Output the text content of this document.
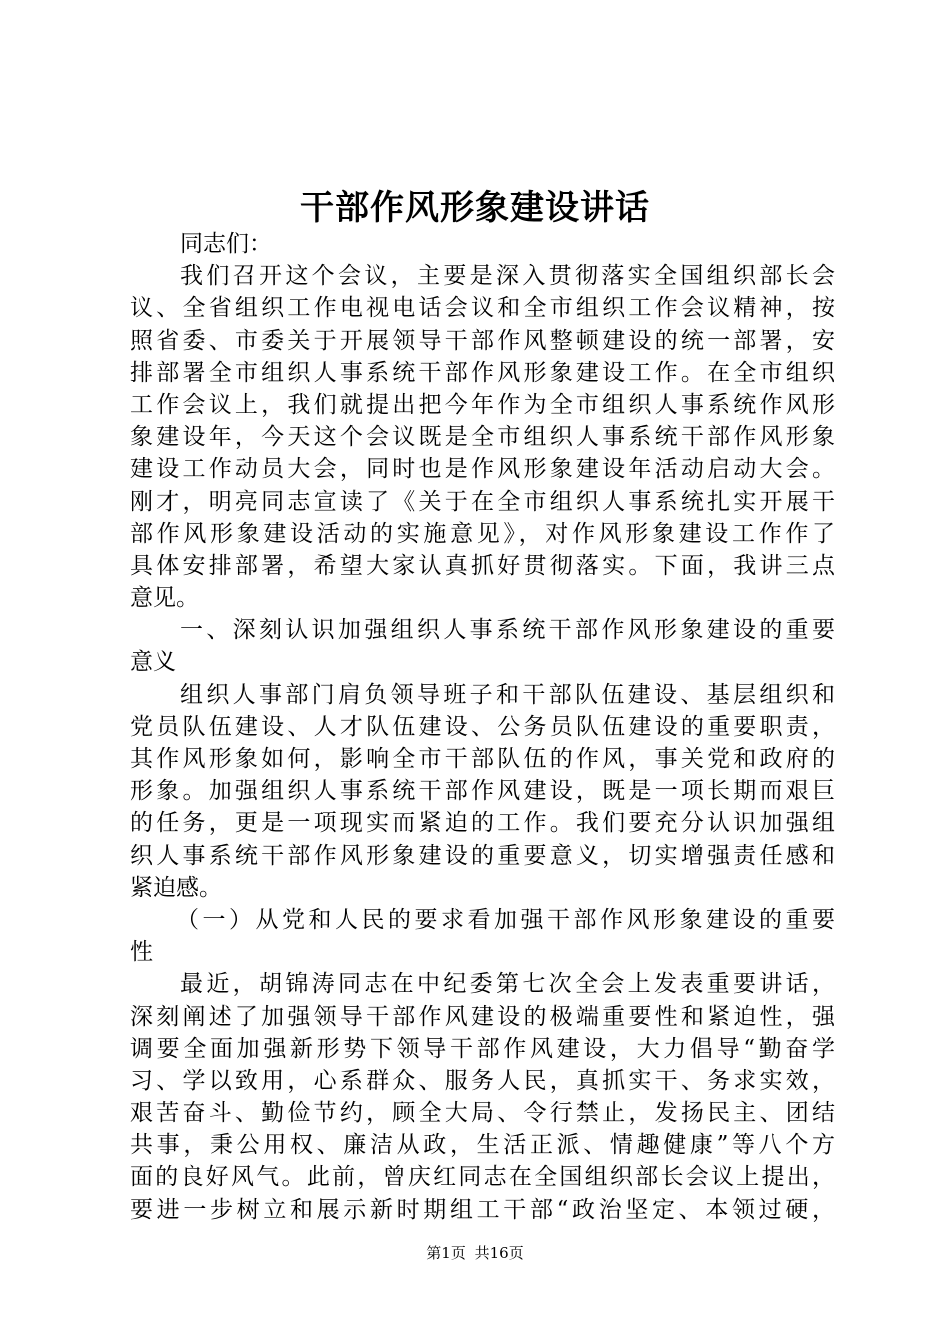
干部作风形象建设讲话
同志们：
我们召开这个会议，主要是深入贯彻落实全国组织部长会
议、全省组织工作电视电话会议和全市组织工作会议精神，按
照省委、市委关于开展领导干部作风整顿建设的统一部署，安
排部署全市组织人事系统干部作风形象建设工作。在全市组织
工作会议上，我们就提出把今年作为全市组织人事系统作风形
象建设年，今天这个会议既是全市组织人事系统干部作风形象
建设工作动员大会，同时也是作风形象建设年活动启动大会。
刚才，明亮同志宣读了《关于在全市组织人事系统扎实开展干
部作风形象建设活动的实施意见》，对作风形象建设工作作了
具体安排部署，希望大家认真抓好贯彻落实。下面，我讲三点
意见。
一、深刻认识加强组织人事系统干部作风形象建设的重要
意义
组织人事部门肩负领导班子和干部队伍建设、基层组织和
党员队伍建设、人才队伍建设、公务员队伍建设的重要职责，
其作风形象如何，影响全市干部队伍的作风，事关党和政府的
形象。加强组织人事系统干部作风建设，既是一项长期而艰巨
的任务，更是一项现实而紧迫的工作。我们要充分认识加强组
织人事系统干部作风形象建设的重要意义，切实增强责任感和
紧迫感。
（一）从党和人民的要求看加强干部作风形象建设的重要
性
最近，胡锦涛同志在中纪委第七次全会上发表重要讲话，
深刻阐述了加强领导干部作风建设的极端重要性和紧迫性，强
调要全面加强新形势下领导干部作风建设，大力倡导“勤奋学
习、学以致用，心系群众、服务人民，真抓实干、务求实效，
艰苦奋斗、勤俭节约，顾全大局、令行禁止，发扬民主、团结
共事，秉公用权、廉洁从政，生活正派、情趣健康”等八个方
面的良好风气。此前，曾庆红同志在全国组织部长会议上提出，
要进一步树立和展示新时期组工干部“政治坚定、本领过硬，
第1页 共16页
